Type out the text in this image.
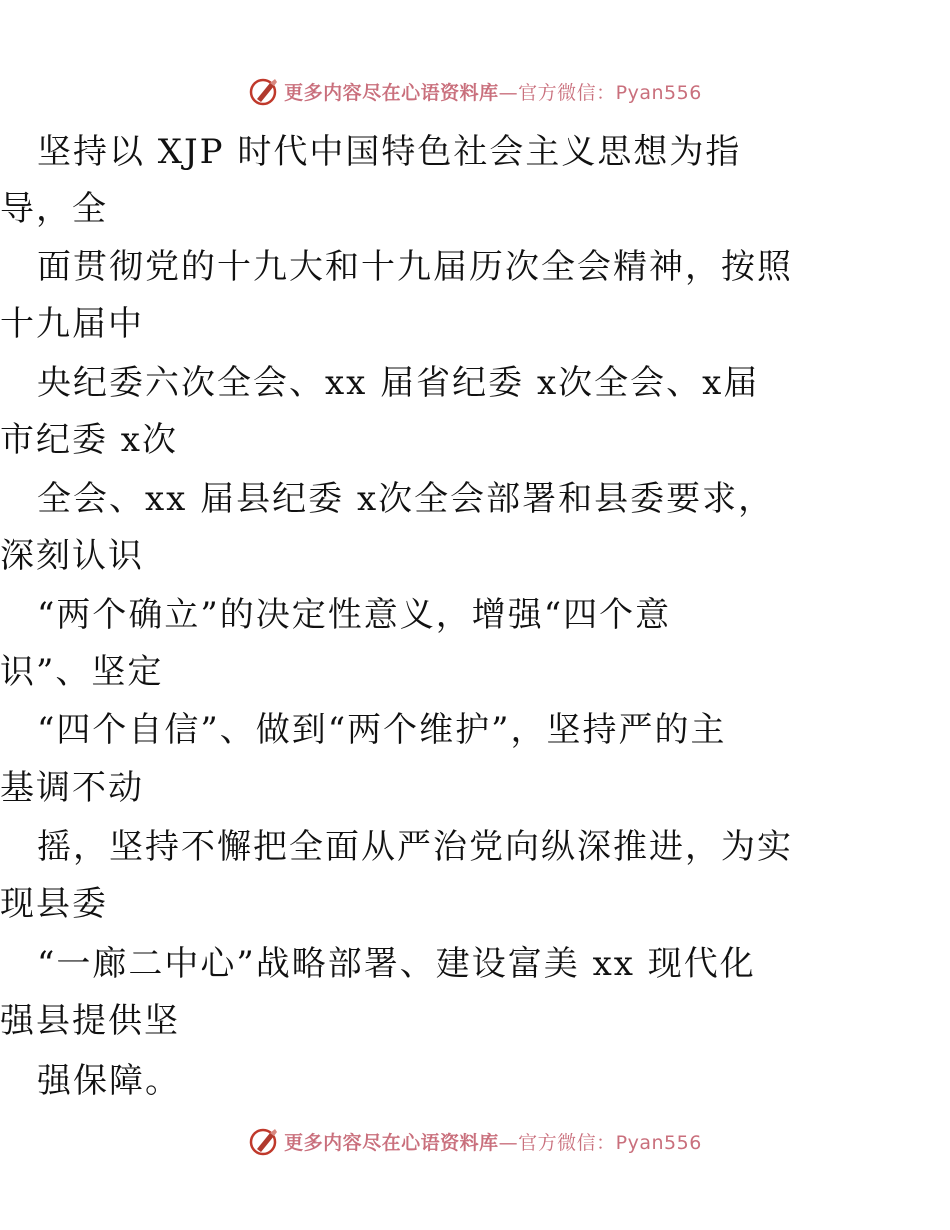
更多内容尽在心语资料库—官方微信：Pyan556
坚持以 XJP 时代中国特色社会主义思想为指
导，全
面贯彻党的十九大和十九届历次全会精神，按照
十九届中
央纪委六次全会、xx 届省纪委 x次全会、x届
市纪委 x次
全会、xx 届县纪委 x次全会部署和县委要求，
深刻认识
“两个确立”的决定性意义，增强“四个意
识”、坚定
“四个自信”、做到“两个维护”，坚持严的主
基调不动
摇，坚持不懈把全面从严治党向纵深推进，为实
现县委
“一廊二中心”战略部署、建设富美 xx 现代化
强县提供坚
强保障。
更多内容尽在心语资料库—官方微信：Pyan556
